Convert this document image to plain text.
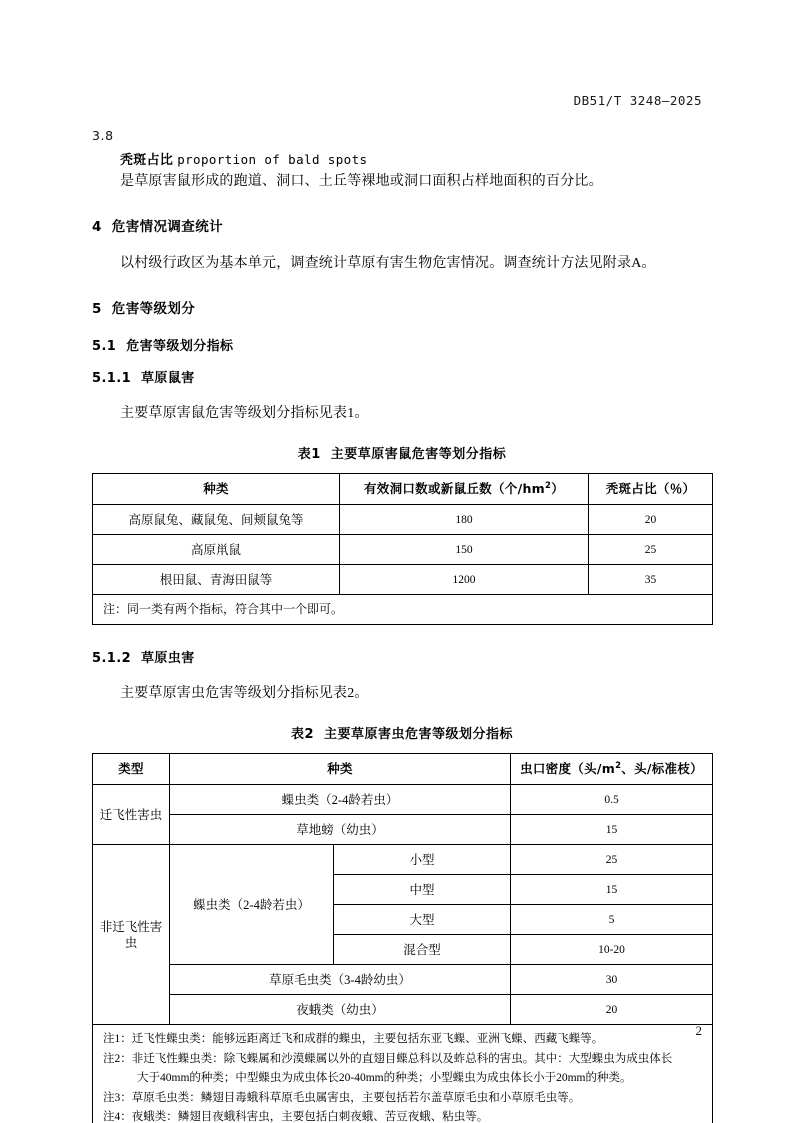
DB51/T 3248—2025
3.8
秃斑占比 proportion of bald spots
是草原害鼠形成的跑道、洞口、土丘等裸地或洞口面积占样地面积的百分比。
4 危害情况调查统计
以村级行政区为基本单元，调查统计草原有害生物危害情况。调查统计方法见附录A。
5 危害等级划分
5.1 危害等级划分指标
5.1.1 草原鼠害
主要草原害鼠危害等级划分指标见表1。
表1 主要草原害鼠危害等划分指标
种类	有效洞口数或新鼠丘数（个$/hm^2$）	秃斑占比（％）
高原鼠兔、藏鼠兔、间颊鼠兔等	180	20
高原鼡鼠	150	25
根田鼠、青海田鼠等	1200	35
注：同一类有两个指标，符合其中一个即可。		
5.1.2 草原虫害
主要草原害虫危害等级划分指标见表2。
表2 主要草原害虫危害等级划分指标
类型	种类		虫口密度（头$/m^2$、头/标准枝）
迁飞性害虫	蟝虫类（2-4龄若虫）		0.5
	草地螃（幼虫）		15
非迁飞性害虫	蟝虫类（2-4龄若虫）	小型	25
		中型	15
		大型	5
		混合型	10-20
	草原毛虫类（3-4龄幼虫）		30
	夜蛾类（幼虫）		20

注1：迁飞性蟝虫类：能够远距离迁飞和成群的蟝虫，主要包括东亚飞蟝、亚洲飞蟝、西藏飞蟝等。
注2：非迁飞性蟝虫类：除飞蟝属和沙漠蟝属以外的直翅目蟝总科以及蚱总科的害虫。其中：大型蟝虫为成虫体长
大于40mm的种类；中型蟝虫为成虫体长20-40mm的种类；小型蟝虫为成虫体长小于20mm的种类。
注3：草原毛虫类：鳞翅目毒蛾科草原毛虫属害虫，主要包括若尔盖草原毛虫和小草原毛虫等。
注4：夜蛾类：鳞翅目夜蛾科害虫，主要包括白刺夜蛾、苦豆夜蛾、粘虫等。			
2
